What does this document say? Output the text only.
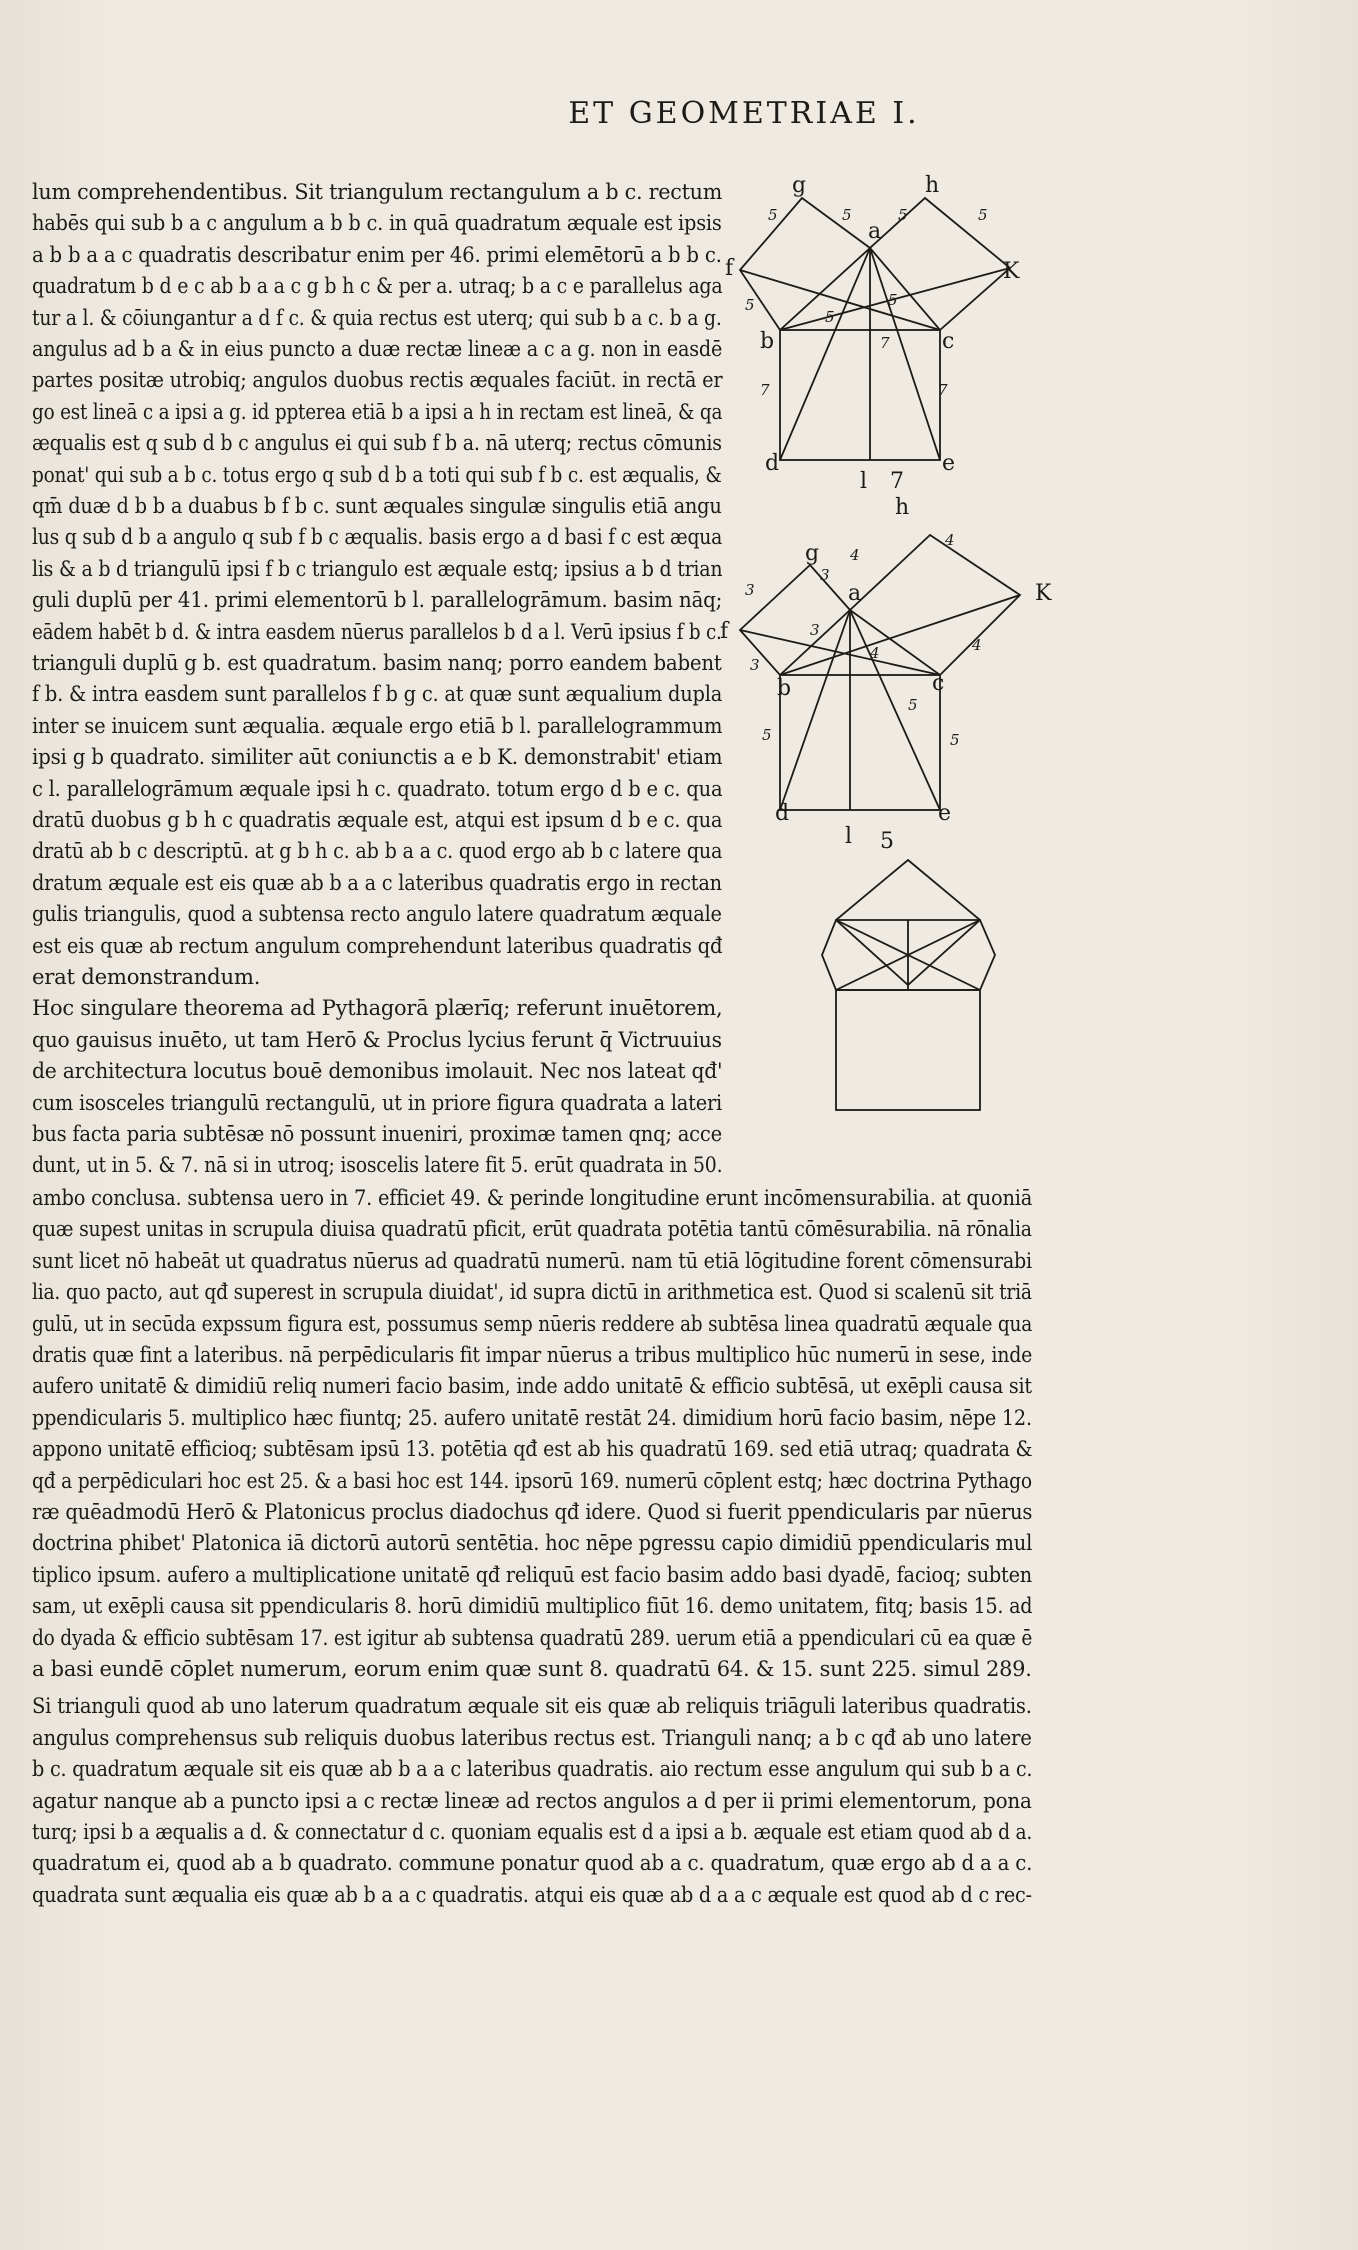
ET GEOMETRIAE I.
lum comprehendentibus. Sit triangulum rectangulum a b c. rectum
habēs qui sub b a c angulum a b b c. in quā quadratum æquale est ipsis
a b b a a c quadratis describatur enim per 46. primi elemētorū a b b c.
quadratum b d e c ab b a a c g b h c & per a. utraq; b a c e parallelus aga
tur a l. & cōiungantur a d f c. & quia rectus est uterq; qui sub b a c. b a g.
angulus ad b a & in eius puncto a duæ rectæ lineæ a c a g. non in easdē
partes positæ utrobiq; angulos duobus rectis æquales faciūt. in rectā er
go est lineā c a ipsi a g. id ppterea etiā b a ipsi a h in rectam est lineā, & qa
æqualis est q sub d b c angulus ei qui sub f b a. nā uterq; rectus cōmunis
ponat' qui sub a b c. totus ergo q sub d b a toti qui sub f b c. est æqualis, &
qm̄ duæ d b b a duabus b f b c. sunt æquales singulæ singulis etiā angu
lus q sub d b a angulo q sub f b c æqualis. basis ergo a d basi f c est æqua
lis & a b d triangulū ipsi f b c triangulo est æquale estq; ipsius a b d trian
guli duplū per 41. primi elementorū b l. parallelogrāmum. basim nāq;
eādem habēt b d. & intra easdem nūerus parallelos b d a l. Verū ipsius f b c.
trianguli duplū g b. est quadratum. basim nanq; porro eandem babent
f b. & intra easdem sunt parallelos f b g c. at quæ sunt æqualium dupla
inter se inuicem sunt æqualia. æquale ergo etiā b l. parallelogrammum
ipsi g b quadrato. similiter aūt coniunctis a e b K. demonstrabit' etiam
c l. parallelogrāmum æquale ipsi h c. quadrato. totum ergo d b e c. qua
dratū duobus g b h c quadratis æquale est, atqui est ipsum d b e c. qua
dratū ab b c descriptū. at g b h c. ab b a a c. quod ergo ab b c latere qua
dratum æquale est eis quæ ab b a a c lateribus quadratis ergo in rectan
gulis triangulis, quod a subtensa recto angulo latere quadratum æquale
est eis quæ ab rectum angulum comprehendunt lateribus quadratis qđ
erat demonstrandum.
Hoc singulare theorema ad Pythagorā plærīq; referunt inuētorem,
quo gauisus inuēto, ut tam Herō & Proclus lycius ferunt q̄ Victruuius
de architectura locutus bouē demonibus imolauit. Nec nos lateat qđ'
cum isosceles triangulū rectangulū, ut in priore figura quadrata a lateri
bus facta paria subtēsæ nō possunt inueniri, proximæ tamen qnq; acce
dunt, ut in 5. & 7. nā si in utroq; isoscelis latere fit 5. erūt quadrata in 50.
ambo conclusa. subtensa uero in 7. efficiet 49. & perinde longitudine erunt incōmensurabilia. at quoniā
quæ supest unitas in scrupula diuisa quadratū pficit, erūt quadrata potētia tantū cōmēsurabilia. nā rōnalia
sunt licet nō habeāt ut quadratus nūerus ad quadratū numerū. nam tū etiā lōgitudine forent cōmensurabi
lia. quo pacto, aut qđ superest in scrupula diuidat', id supra dictū in arithmetica est. Quod si scalenū sit triā
gulū, ut in secūda expssum figura est, possumus semp nūeris reddere ab subtēsa linea quadratū æquale qua
dratis quæ fint a lateribus. nā perpēdicularis fit impar nūerus a tribus multiplico hūc numerū in sese, inde
aufero unitatē & dimidiū reliq numeri facio basim, inde addo unitatē & efficio subtēsā, ut exēpli causa sit
ppendicularis 5. multiplico hæc fiuntq; 25. aufero unitatē restāt 24. dimidium horū facio basim, nēpe 12.
appono unitatē efficioq; subtēsam ipsū 13. potētia qđ est ab his quadratū 169. sed etiā utraq; quadrata &
qđ a perpēdiculari hoc est 25. & a basi hoc est 144. ipsorū 169. numerū cōplent estq; hæc doctrina Pythago
ræ quēadmodū Herō & Platonicus proclus diadochus qđ idere. Quod si fuerit ppendicularis par nūerus
doctrina phibet' Platonica iā dictorū autorū sentētia. hoc nēpe pgressu capio dimidiū ppendicularis mul
tiplico ipsum. aufero a multiplicatione unitatē qđ reliquū est facio basim addo basi dyadē, facioq; subten
sam, ut exēpli causa sit ppendicularis 8. horū dimidiū multiplico fiūt 16. demo unitatem, fitq; basis 15. ad
do dyada & efficio subtēsam 17. est igitur ab subtensa quadratū 289. uerum etiā a ppendiculari cū ea quæ ē
a basi eundē cōplet numerum, eorum enim quæ sunt 8. quadratū 64. & 15. sunt 225. simul 289.
Si trianguli quod ab uno laterum quadratum æquale sit eis quæ ab reliquis triāguli lateribus quadratis.
angulus comprehensus sub reliquis duobus lateribus rectus est. Trianguli nanq; a b c qđ ab uno latere
b c. quadratum æquale sit eis quæ ab b a a c lateribus quadratis. aio rectum esse angulum qui sub b a c.
agatur nanque ab a puncto ipsi a c rectæ lineæ ad rectos angulos a d per ii primi elementorum, pona
turq; ipsi b a æqualis a d. & connectatur d c. quoniam equalis est d a ipsi a b. æquale est etiam quod ab d a.
quadratum ei, quod ab a b quadrato. commune ponatur quod ab a c. quadratum, quæ ergo ab d a a c.
quadrata sunt æqualia eis quæ ab b a a c quadratis. atqui eis quæ ab d a a c æquale est quod ab d c rec-
g	h
a
f	K
b	c
d
l
e
7
5	5	5	5
5	5
5
7	7
7
g
h
a
f
K
b	c
d
l
e
3
3
3
3
4
4
4	4
5
5
5
5
